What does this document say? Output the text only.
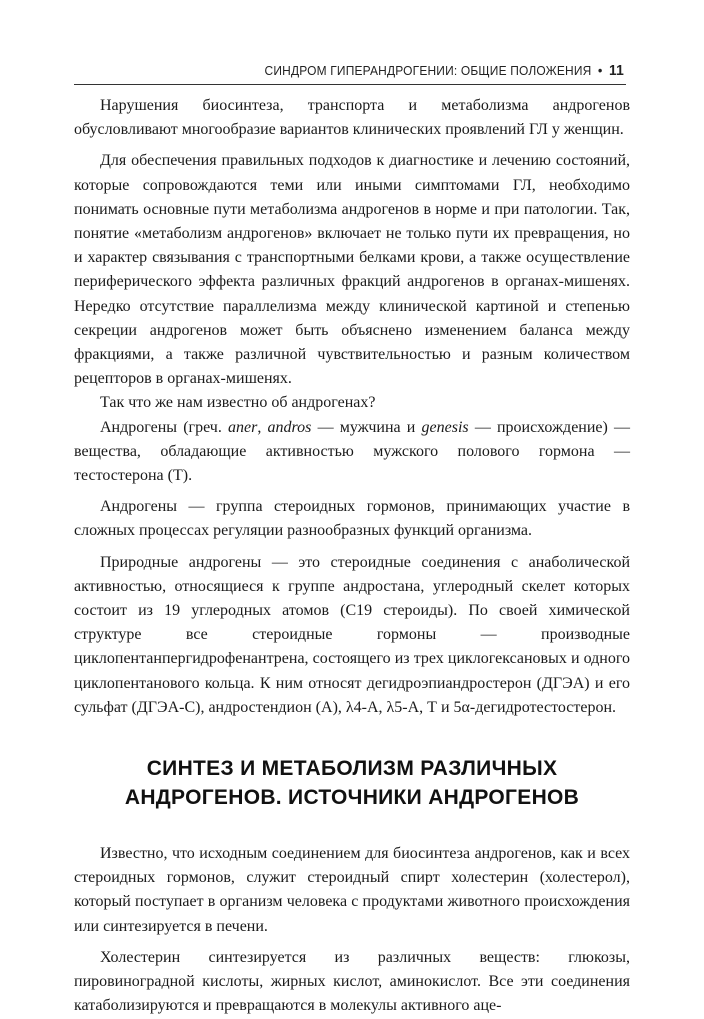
СИНДРОМ ГИПЕРАНДРОГЕНИИ: ОБЩИЕ ПОЛОЖЕНИЯ • 11

Нарушения биосинтеза, транспорта и метаболизма андрогенов обусловливают многообразие вариантов клинических проявлений ГЛ у женщин.

Для обеспечения правильных подходов к диагностике и лечению состояний, которые сопровождаются теми или иными симптомами ГЛ, необходимо понимать основные пути метаболизма андрогенов в норме и при патологии. Так, понятие «метаболизм андрогенов» включает не только пути их превращения, но и характер связывания с транспортными белками крови, а также осуществление периферического эффекта различных фракций андрогенов в органах-мишенях. Нередко отсутствие параллелизма между клинической картиной и степенью секреции андрогенов может быть объяснено изменением баланса между фракциями, а также различной чувствительностью и разным количеством рецепторов в органах-мишенях.

Так что же нам известно об андрогенах?

Андрогены (греч. aner, andros — мужчина и genesis — происхождение) — вещества, обладающие активностью мужского полового гормона — тестостерона (Т).

Андрогены — группа стероидных гормонов, принимающих участие в сложных процессах регуляции разнообразных функций организма.

Природные андрогены — это стероидные соединения с анаболической активностью, относящиеся к группе андростана, углеродный скелет которых состоит из 19 углеродных атомов (С19 стероиды). По своей химической структуре все стероидные гормоны — производные циклопентанпергидрофенантрена, состоящего из трех циклогексановых и одного циклопентанового кольца. К ним относят дегидроэпиандростерон (ДГЭА) и его сульфат (ДГЭА-С), андростендион (А), λ4-А, λ5-А, Т и 5α-дегидротестостерон.

СИНТЕЗ И МЕТАБОЛИЗМ РАЗЛИЧНЫХ
АНДРОГЕНОВ. ИСТОЧНИКИ АНДРОГЕНОВ

Известно, что исходным соединением для биосинтеза андрогенов, как и всех стероидных гормонов, служит стероидный спирт холестерин (холестерол), который поступает в организм человека с продуктами животного происхождения или синтезируется в печени.

Холестерин синтезируется из различных веществ: глюкозы, пировиноградной кислоты, жирных кислот, аминокислот. Все эти соединения катаболизируются и превращаются в молекулы активного аце-
